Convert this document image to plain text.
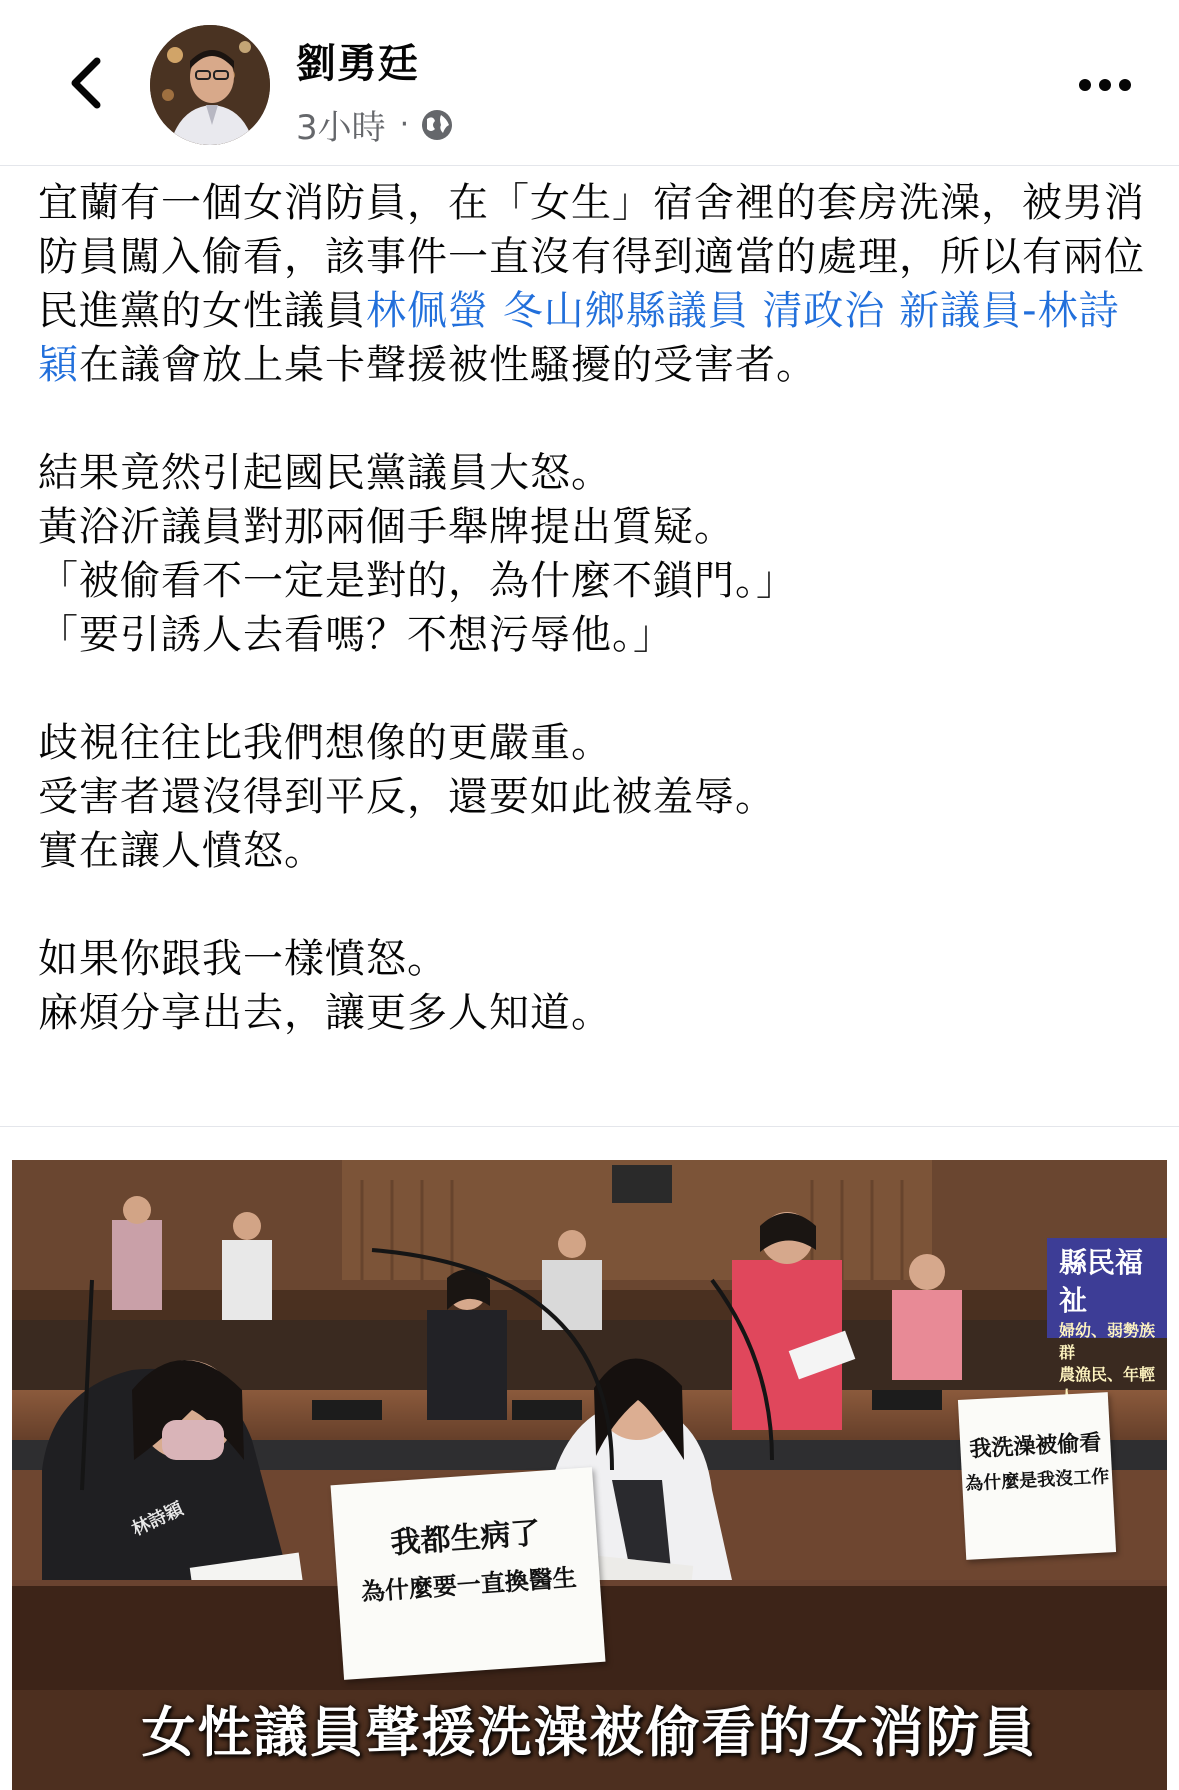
劉勇廷
3小時 ·

宜蘭有一個女消防員，在「女生」宿舍裡的套房洗澡，被男消防員闖入偷看，該事件一直沒有得到適當的處理，所以有兩位民進黨的女性議員林佩螢 冬山鄉縣議員 清政治 新議員-林詩穎在議會放上桌卡聲援被性騷擾的受害者。

結果竟然引起國民黨議員大怒。

黃浴沂議員對那兩個手舉牌提出質疑。

「被偷看不一定是對的，為什麼不鎖門。」

「要引誘人去看嗎？不想污辱他。」

歧視往往比我們想像的更嚴重。

受害者還沒得到平反，還要如此被羞辱。

實在讓人憤怒。

如果你跟我一樣憤怒。

麻煩分享出去，讓更多人知道。

林詩穎
縣民福祉
婦幼、弱勢族群
農漁民、年輕
我都生病了
為什麼要一直換醫生
我洗澡被偷看
為什麼是我沒工作
女性議員聲援洗澡被偷看的女消防員
